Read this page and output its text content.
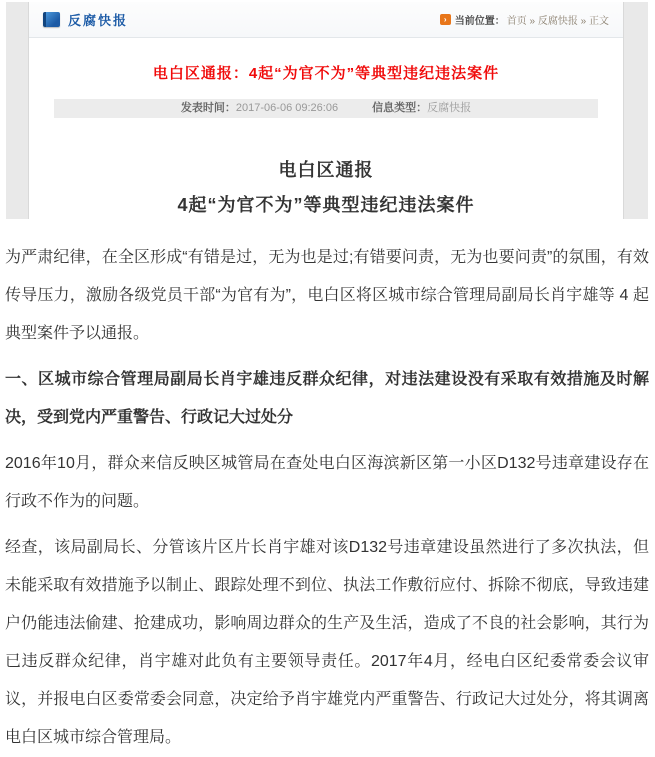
反腐快报	› 当前位置： 首页 » 反腐快报 » 正文
电白区通报：4起“为官不为”等典型违纪违法案件
发表时间：2017-06-06 09:26:06	信息类型：反腐快报
电白区通报
4起“为官不为”等典型违纪违法案件

为严肃纪律，在全区形成“有错是过，无为也是过;有错要问责，无为也要问责”的氛围，有效传导压力，激励各级党员干部“为官有为”，电白区将区城市综合管理局副局长肖宇雄等 4 起典型案件予以通报。

一、区城市综合管理局副局长肖宇雄违反群众纪律，对违法建设没有采取有效措施及时解决，受到党内严重警告、行政记大过处分

2016年10月，群众来信反映区城管局在查处电白区海滨新区第一小区D132号违章建设存在行政不作为的问题。

经查，该局副局长、分管该片区片长肖宇雄对该D132号违章建设虽然进行了多次执法，但未能采取有效措施予以制止、跟踪处理不到位、执法工作敷衍应付、拆除不彻底，导致违建户仍能违法偷建、抢建成功，影响周边群众的生产及生活，造成了不良的社会影响，其行为已违反群众纪律，肖宇雄对此负有主要领导责任。2017年4月，经电白区纪委常委会议审议，并报电白区委常委会同意，决定给予肖宇雄党内严重警告、行政记大过处分，将其调离电白区城市综合管理局。
